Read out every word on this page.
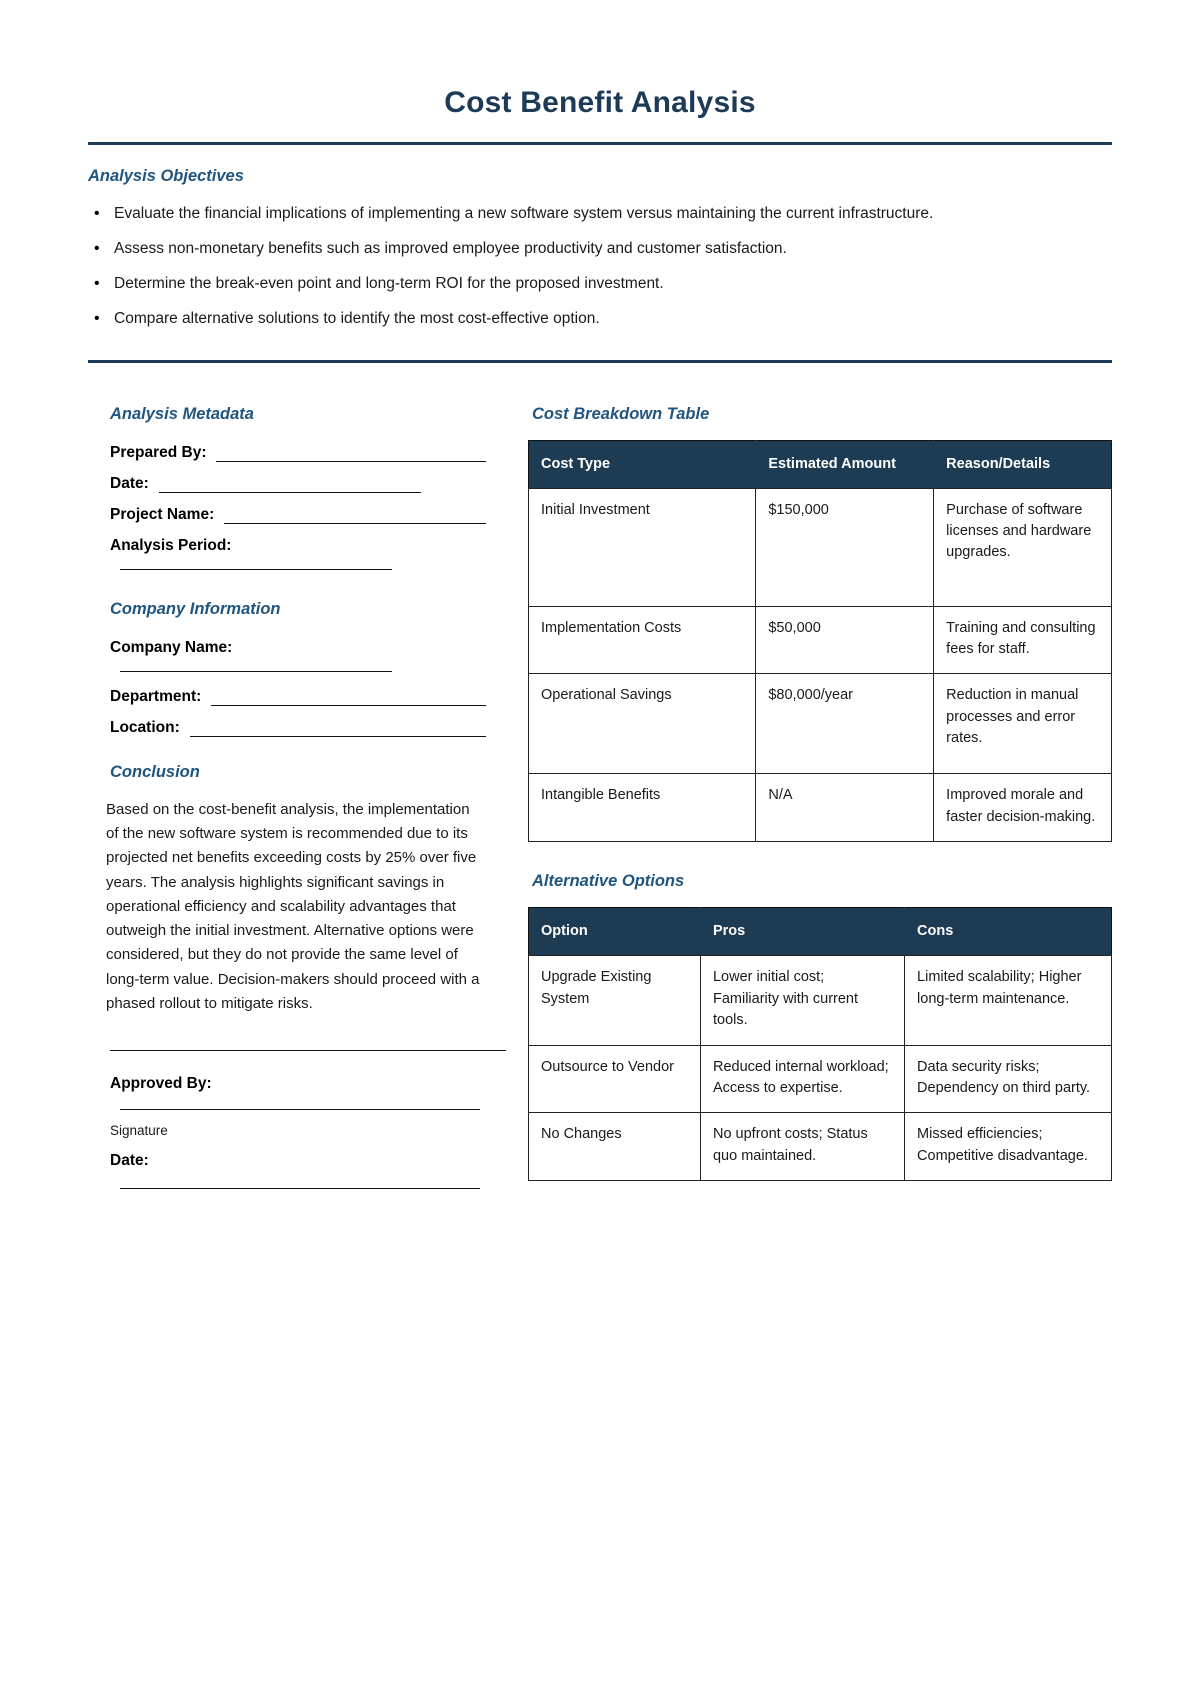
Cost Benefit Analysis
Analysis Objectives
• Evaluate the financial implications of implementing a new software system versus maintaining the current infrastructure.
• Assess non-monetary benefits such as improved employee productivity and customer satisfaction.
• Determine the break-even point and long-term ROI for the proposed investment.
• Compare alternative solutions to identify the most cost-effective option.
Analysis Metadata
Prepared By:
Date:
Project Name:
Analysis Period:
Company Information
Company Name:
Department:
Location:
Conclusion

Based on the cost-benefit analysis, the implementation of the new software system is recommended due to its projected net benefits exceeding costs by 25% over five years. The analysis highlights significant savings in operational efficiency and scalability advantages that outweigh the initial investment. Alternative options were considered, but they do not provide the same level of long-term value. Decision-makers should proceed with a phased rollout to mitigate risks.

Approved By:
Signature
Date:
Cost Breakdown Table
Cost Type	Estimated Amount	Reason/Details
Initial Investment	$150,000	Purchase of software licenses and hardware upgrades.
Implementation Costs	$50,000	Training and consulting fees for staff.
Operational Savings	$80,000/year	Reduction in manual processes and error rates.
Intangible Benefits	N/A	Improved morale and faster decision-making.
Alternative Options
Option	Pros	Cons
Upgrade Existing System	Lower initial cost; Familiarity with current tools.	Limited scalability; Higher long-term maintenance.
Outsource to Vendor	Reduced internal workload; Access to expertise.	Data security risks; Dependency on third party.
No Changes	No upfront costs; Status quo maintained.	Missed efficiencies; Competitive disadvantage.
